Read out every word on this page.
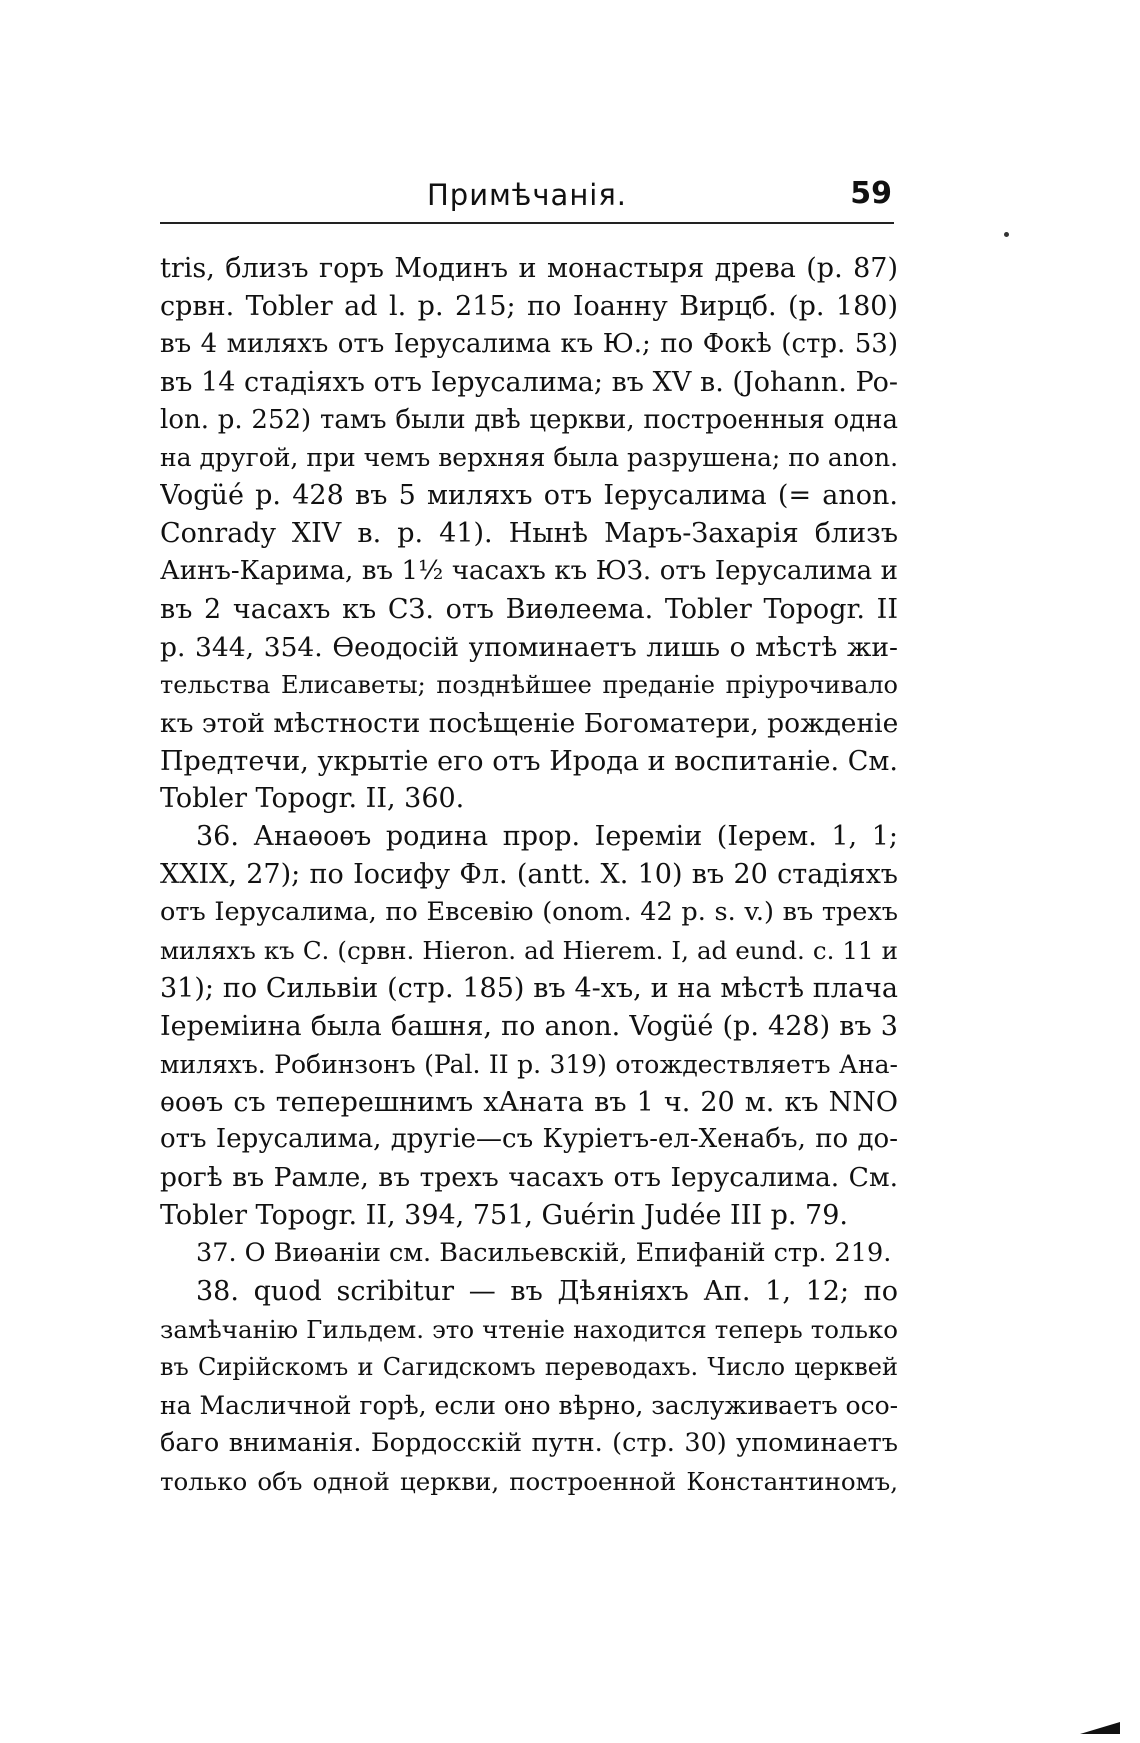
Примѣчанія.	59
tris, близъ горъ Модинъ и монастыря древа (р. 87)
срвн. Tobler ad l. p. 215; по Іоанну Вирцб. (р. 180)
въ 4 миляхъ отъ Іерусалима къ Ю.; по Фокѣ (стр. 53)
въ 14 стадіяхъ отъ Іерусалима; въ XV в. (Johann. Po-
lon. p. 252) тамъ были двѣ церкви, построенныя одна
на другой, при чемъ верхняя была разрушена; по anon.
Vogüé p. 428 въ 5 миляхъ отъ Іерусалима (= anon.
Conrady XIV в. p. 41). Нынѣ Маръ-Захарія близъ
Аинъ-Карима, въ 1½ часахъ къ ЮЗ. отъ Іерусалима и
въ 2 часахъ къ СЗ. отъ Виѳлеема. Tobler Topogr. II
p. 344, 354. Ѳеодосій упоминаетъ лишь о мѣстѣ жи-
тельства Елисаветы; позднѣйшее преданіе пріурочивало
къ этой мѣстности посѣщеніе Богоматери, рожденіе
Предтечи, укрытіе его отъ Ирода и воспитаніе. См.
Tobler Topogr. II, 360.
36. Анаѳоѳъ родина прор. Іереміи (Іерем. 1, 1;
XXIX, 27); по Іосифу Фл. (antt. X. 10) въ 20 стадіяхъ
отъ Іерусалима, по Евсевію (onom. 42 p. s. v.) въ трехъ
миляхъ къ С. (срвн. Hieron. ad Hierem. I, ad eund. c. 11 и
31); по Сильвіи (стр. 185) въ 4-хъ, и на мѣстѣ плача
Іереміина была башня, по anon. Vogüé (p. 428) въ 3
миляхъ. Робинзонъ (Pal. II p. 319) отождествляетъ Ана-
ѳоѳъ съ теперешнимъ хАната въ 1 ч. 20 м. къ NNO
отъ Іерусалима, другіе—съ Куріетъ-ел-Хенабъ, по до-
рогѣ въ Рамле, въ трехъ часахъ отъ Іерусалима. См.
Tobler Topogr. II, 394, 751, Guérin Judée III p. 79.
37. О Виѳаніи см. Васильевскій, Епифаній стр. 219.
38. quod scribitur — въ Дѣяніяхъ Ап. 1, 12; по
замѣчанію Гильдем. это чтеніе находится теперь только
въ Сирійскомъ и Сагидскомъ переводахъ. Число церквей
на Масличной горѣ, если оно вѣрно, заслуживаетъ осо-
баго вниманія. Бордосскій путн. (стр. 30) упоминаетъ
только объ одной церкви, построенной Константиномъ,
